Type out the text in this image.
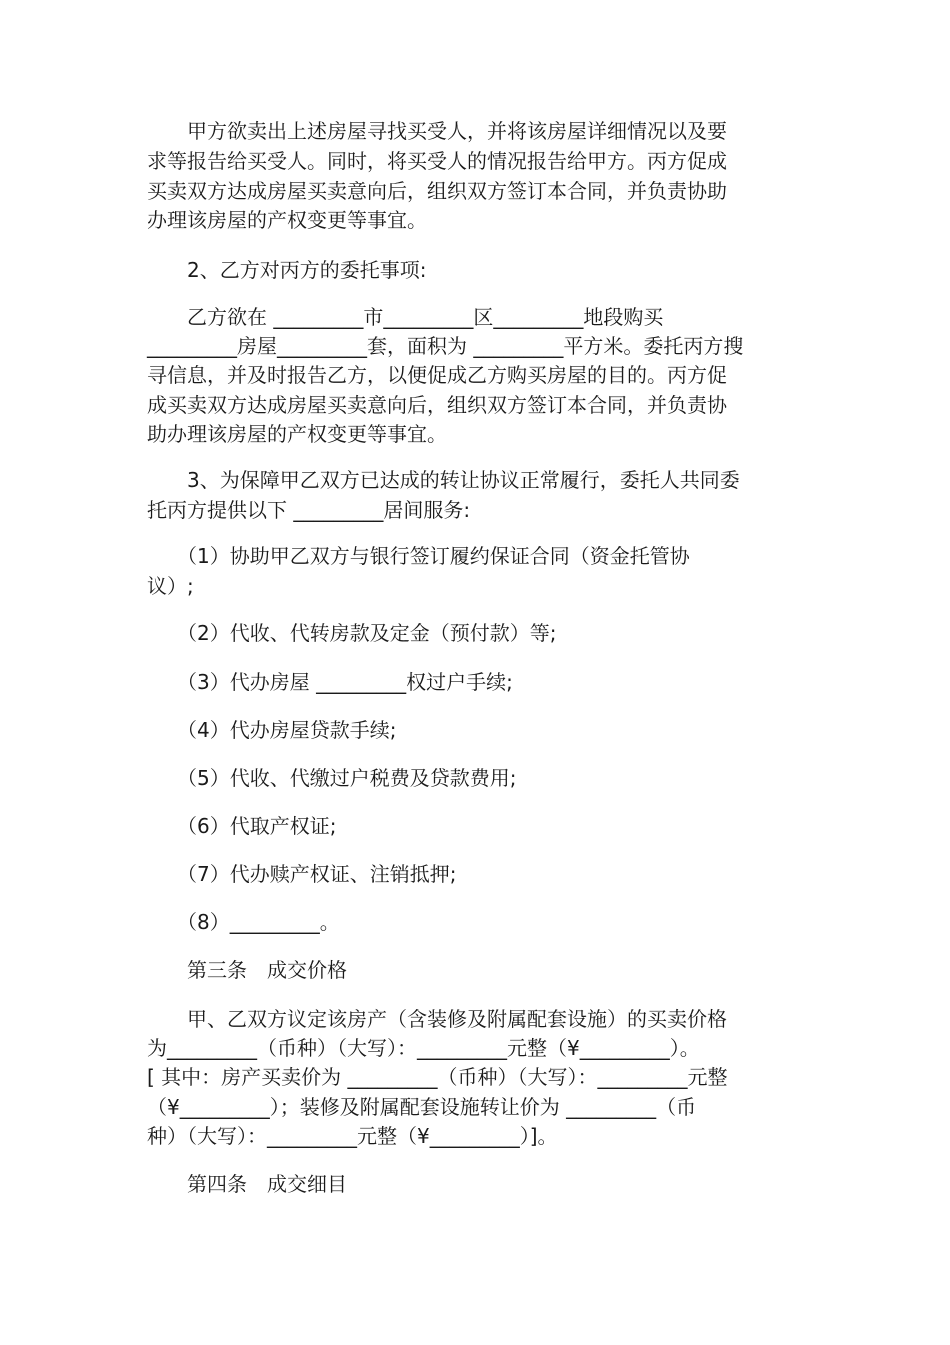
　　甲方欲卖出上述房屋寻找买受人，并将该房屋详细情况以及要
求等报告给买受人。同时，将买受人的情况报告给甲方。丙方促成
买卖双方达成房屋买卖意向后，组织双方签订本合同，并负责协助
办理该房屋的产权变更等事宜。
　　2、乙方对丙方的委托事项:
　　乙方欲在 _________市_________区_________地段购买
_________房屋_________套，面积为 _________平方米。委托丙方搜
寻信息，并及时报告乙方，以便促成乙方购买房屋的目的。丙方促
成买卖双方达成房屋买卖意向后，组织双方签订本合同，并负责协
助办理该房屋的产权变更等事宜。
　　3、为保障甲乙双方已达成的转让协议正常履行，委托人共同委
托丙方提供以下 _________居间服务:
　　（1）协助甲乙双方与银行签订履约保证合同（资金托管协
议）;
　　（2）代收、代转房款及定金（预付款）等;
　　（3）代办房屋 _________权过户手续;
　　（4）代办房屋贷款手续;
　　（5）代收、代缴过户税费及贷款费用;
　　（6）代取产权证;
　　（7）代办赎产权证、注销抵押;
　　（8）_________。
　　第三条　成交价格
　　甲、乙双方议定该房产（含装修及附属配套设施）的买卖价格
为_________（币种）（大写）：_________元整（¥_________）。
[ 其中：房产买卖价为 _________（币种）（大写）：_________元整
（¥_________）；装修及附属配套设施转让价为 _________（币
种）（大写）：_________元整（¥_________）]。
　　第四条　成交细目
